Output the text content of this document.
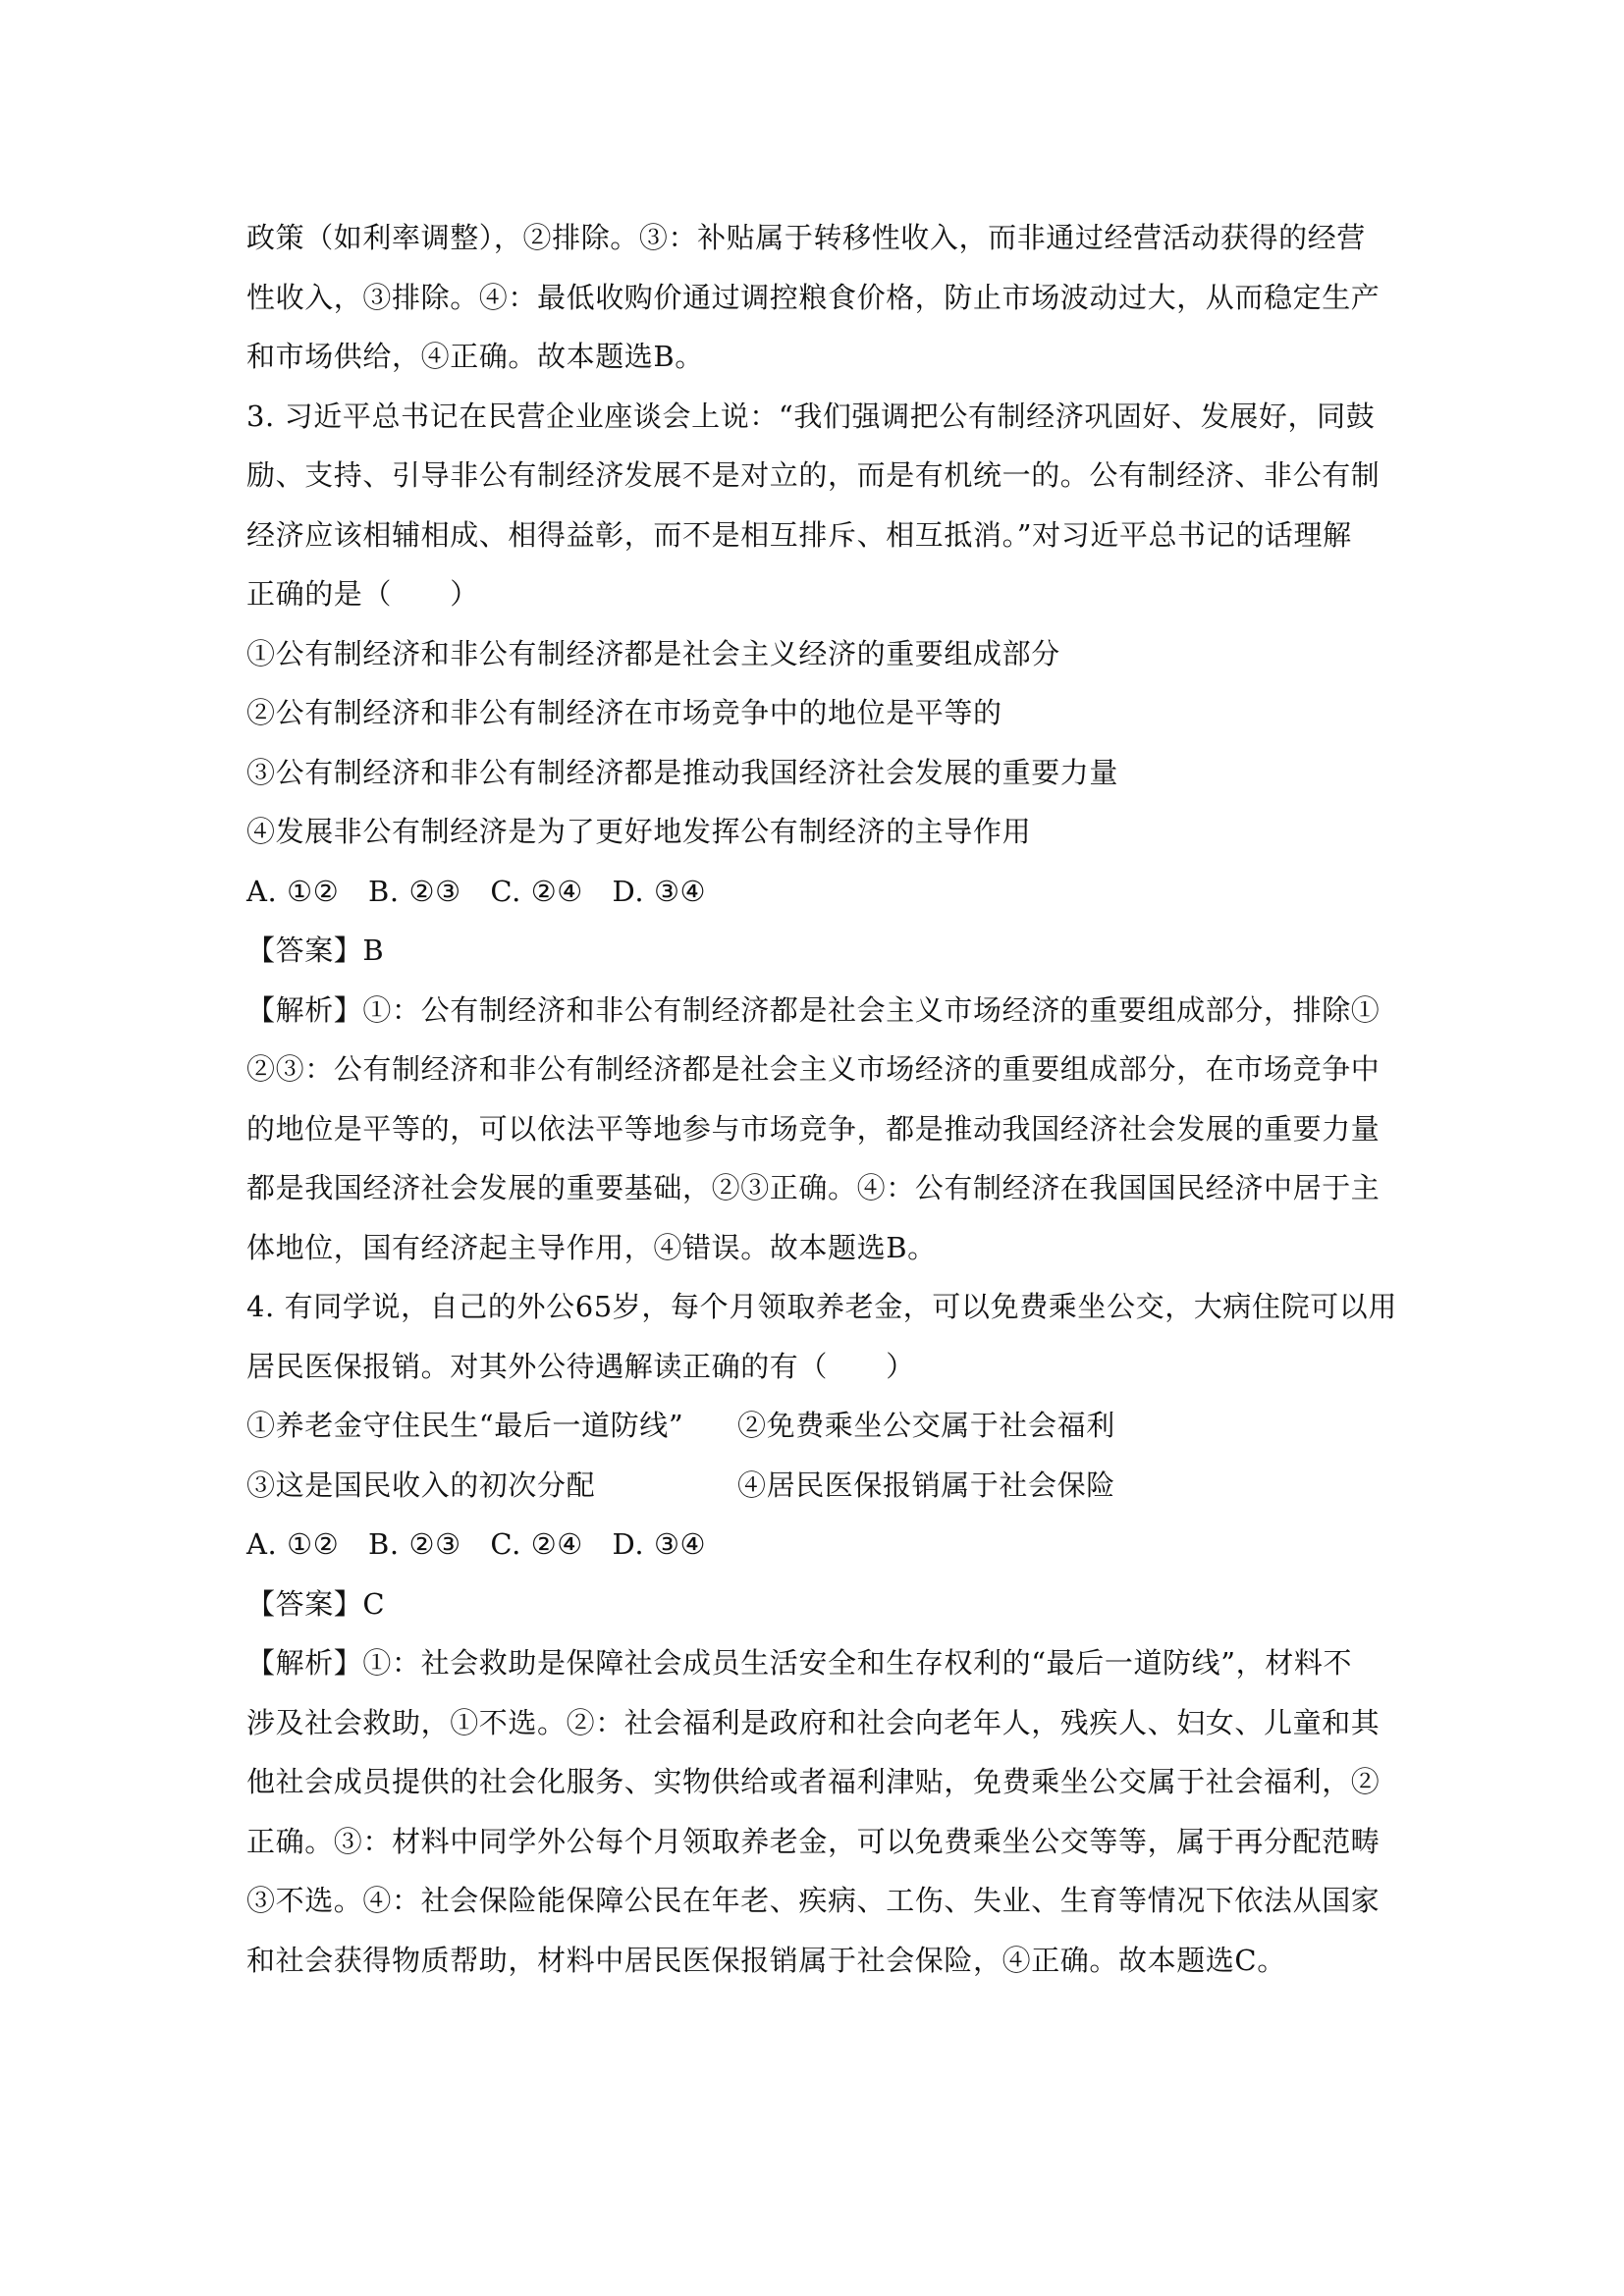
政策（如利率调整），②排除。③：补贴属于转移性收入，而非通过经营活动获得的经营
性收入，③排除。④：最低收购价通过调控粮食价格，防止市场波动过大，从而稳定生产
和市场供给，④正确。故本题选B。
3. 习近平总书记在民营企业座谈会上说：“我们强调把公有制经济巩固好、发展好，同鼓
励、支持、引导非公有制经济发展不是对立的，而是有机统一的。公有制经济、非公有制
经济应该相辅相成、相得益彰，而不是相互排斥、相互抵消。”对习近平总书记的话理解
正确的是（　　）
①公有制经济和非公有制经济都是社会主义经济的重要组成部分
②公有制经济和非公有制经济在市场竞争中的地位是平等的
③公有制经济和非公有制经济都是推动我国经济社会发展的重要力量
④发展非公有制经济是为了更好地发挥公有制经济的主导作用
A. ①②　B. ②③　C. ②④　D. ③④
【答案】B
【解析】①：公有制经济和非公有制经济都是社会主义市场经济的重要组成部分，排除①
②③：公有制经济和非公有制经济都是社会主义市场经济的重要组成部分，在市场竞争中
的地位是平等的，可以依法平等地参与市场竞争，都是推动我国经济社会发展的重要力量
都是我国经济社会发展的重要基础，②③正确。④：公有制经济在我国国民经济中居于主
体地位，国有经济起主导作用，④错误。故本题选B。
4. 有同学说，自己的外公65岁，每个月领取养老金，可以免费乘坐公交，大病住院可以用
居民医保报销。对其外公待遇解读正确的有（　　）
①养老金守住民生“最后一道防线”	②免费乘坐公交属于社会福利
③这是国民收入的初次分配	④居民医保报销属于社会保险
A. ①②　B. ②③　C. ②④　D. ③④
【答案】C
【解析】①：社会救助是保障社会成员生活安全和生存权利的“最后一道防线”，材料不
涉及社会救助，①不选。②：社会福利是政府和社会向老年人，残疾人、妇女、儿童和其
他社会成员提供的社会化服务、实物供给或者福利津贴，免费乘坐公交属于社会福利，②
正确。③：材料中同学外公每个月领取养老金，可以免费乘坐公交等等，属于再分配范畴
③不选。④：社会保险能保障公民在年老、疾病、工伤、失业、生育等情况下依法从国家
和社会获得物质帮助，材料中居民医保报销属于社会保险，④正确。故本题选C。
